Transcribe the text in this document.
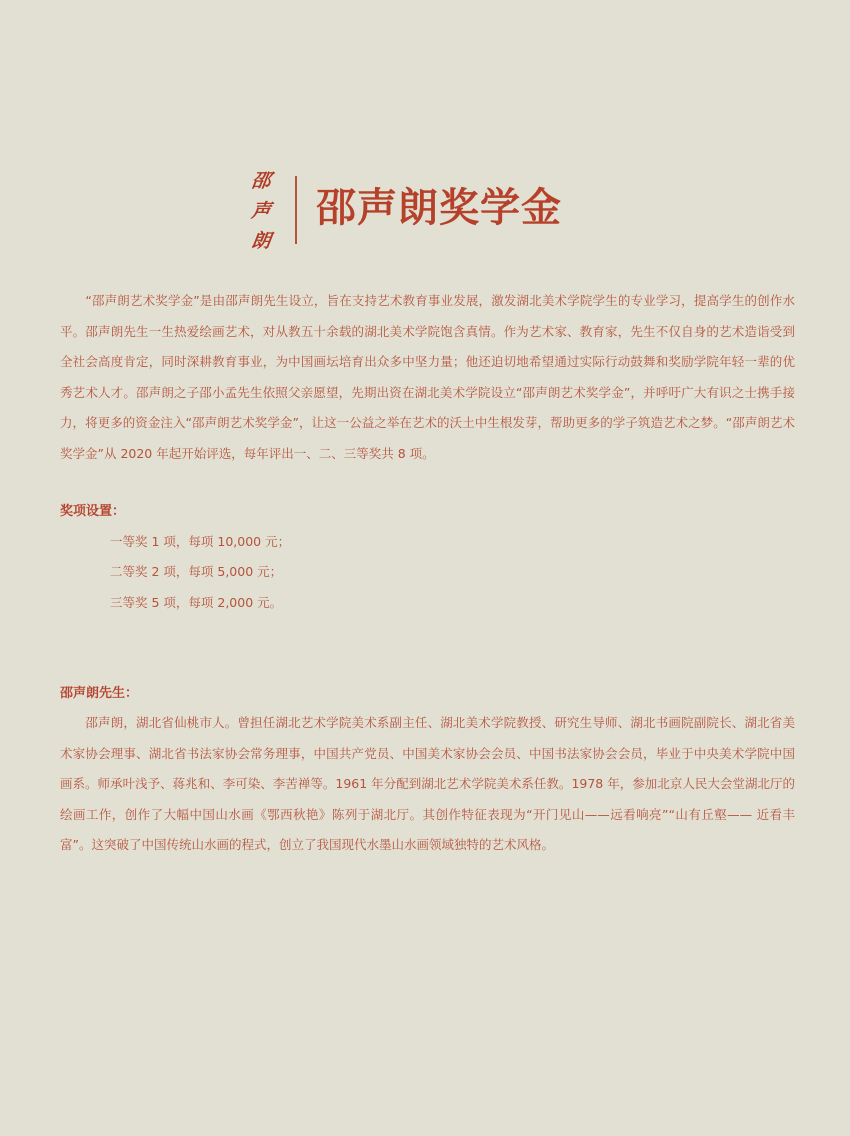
邵
声
朗
邵声朗奖学金

　　“邵声朗艺术奖学金”是由邵声朗先生设立，旨在支持艺术教育事业发展，激发湖北美术学院学生的专业学习，提高学生的创作水平。邵声朗先生一生热爱绘画艺术，对从教五十余载的湖北美术学院饱含真情。作为艺术家、教育家，先生不仅自身的艺术造诣受到全社会高度肯定，同时深耕教育事业，为中国画坛培育出众多中坚力量；他还迫切地希望通过实际行动鼓舞和奖励学院年轻一辈的优秀艺术人才。邵声朗之子邵小孟先生依照父亲愿望，先期出资在湖北美术学院设立“邵声朗艺术奖学金”，并呼吁广大有识之士携手接力，将更多的资金注入“邵声朗艺术奖学金”，让这一公益之举在艺术的沃土中生根发芽，帮助更多的学子筑造艺术之梦。“邵声朗艺术奖学金”从 2020 年起开始评选，每年评出一、二、三等奖共 8 项。

奖项设置：

一等奖 1 项，每项 10,000 元；
二等奖 2 项，每项 5,000 元；
三等奖 5 项，每项 2,000 元。

邵声朗先生：

　　邵声朗，湖北省仙桃市人。曾担任湖北艺术学院美术系副主任、湖北美术学院教授、研究生导师、湖北书画院副院长、湖北省美术家协会理事、湖北省书法家协会常务理事，中国共产党员、中国美术家协会会员、中国书法家协会会员，毕业于中央美术学院中国画系。师承叶浅予、蒋兆和、李可染、李苦禅等。1961 年分配到湖北艺术学院美术系任教。1978 年，参加北京人民大会堂湖北厅的绘画工作，创作了大幅中国山水画《鄂西秋艳》陈列于湖北厅。其创作特征表现为“开门见山——远看响亮”“山有丘壑—— 近看丰富”。这突破了中国传统山水画的程式，创立了我国现代水墨山水画领域独特的艺术风格。
